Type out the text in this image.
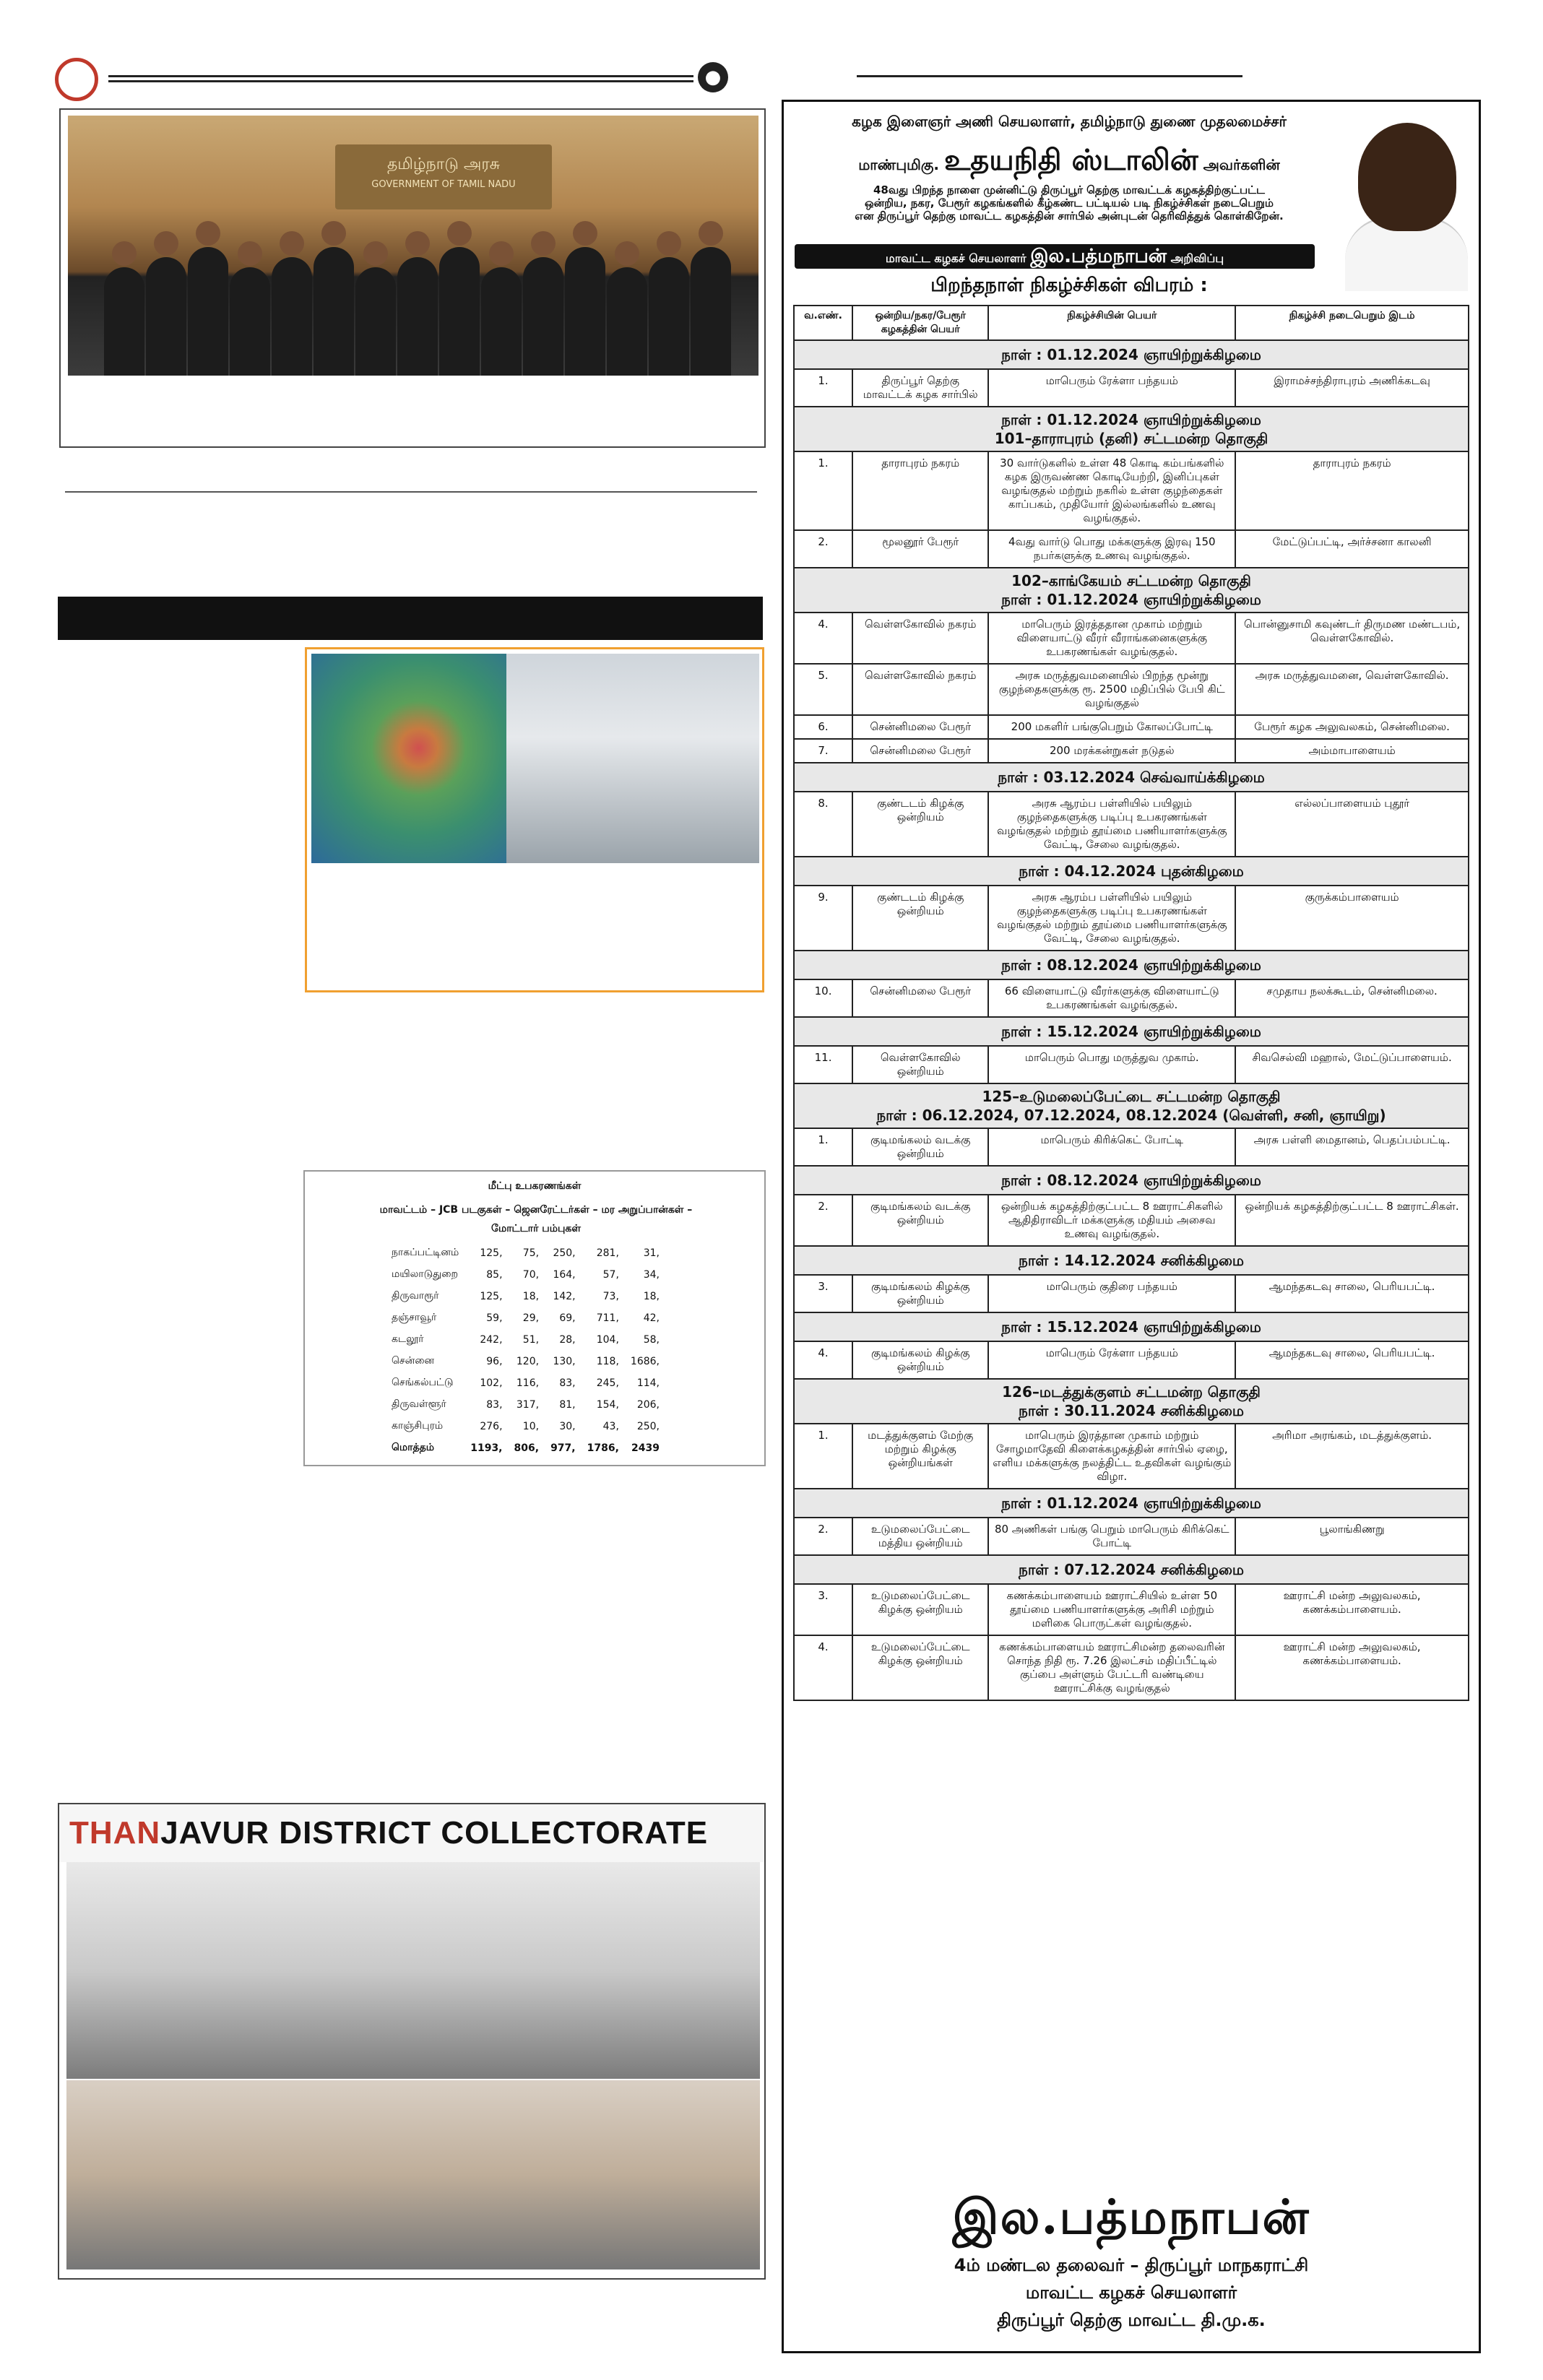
●
தமிழ்நாடு அரசு
GOVERNMENT OF TAMIL NADU
மீட்பு உபகரணங்கள்
மாவட்டம் – JCB படகுகள் – ஜெனரேட்டர்கள் – மர அறுப்பான்கள் –
மோட்டார் பம்புகள்
நாகப்பட்டினம்	125,	75,	250,	281,	31,
மயிலாடுதுறை	85,	70,	164,	57,	34,
திருவாரூர்	125,	18,	142,	73,	18,
தஞ்சாவூர்	59,	29,	69,	711,	42,
கடலூர்	242,	51,	28,	104,	58,
சென்னை	96,	120,	130,	118,	1686,
செங்கல்பட்டு	102,	116,	83,	245,	114,
திருவள்ளூர்	83,	317,	81,	154,	206,
காஞ்சிபுரம்	276,	10,	30,	43,	250,
மொத்தம்	1193,	806,	977,	1786,	2439
THANJAVUR DISTRICT COLLECTORATE
கழக இளைஞர் அணி செயலாளர், தமிழ்நாடு துணை முதலமைச்சர்
மாண்புமிகு. உதயநிதி ஸ்டாலின் அவர்களின்
48வது பிறந்த நாளை முன்னிட்டு திருப்பூர் தெற்கு மாவட்டக் கழகத்திற்குட்பட்ட
ஒன்றிய, நகர, பேரூர் கழகங்களில் கீழ்கண்ட பட்டியல் படி நிகழ்ச்சிகள் நடைபெறும்
என திருப்பூர் தெற்கு மாவட்ட கழகத்தின் சார்பில் அன்புடன் தெரிவித்துக் கொள்கிறேன்.
மாவட்ட கழகச் செயலாளர் இல.பத்மநாபன் அறிவிப்பு
பிறந்தநாள் நிகழ்ச்சிகள் விபரம் :
வ.எண்.	ஒன்றிய/நகர/பேரூர் கழகத்தின் பெயர்	நிகழ்ச்சியின் பெயர்	நிகழ்ச்சி நடைபெறும் இடம்
நாள் : 01.12.2024 ஞாயிற்றுக்கிழமை			
1.	திருப்பூர் தெற்கு மாவட்டக் கழக சார்பில்	மாபெரும் ரேக்ளா பந்தயம்	இராமச்சந்திராபுரம் அணிக்கடவு

நாள் : 01.12.2024 ஞாயிற்றுக்கிழமை
101–தாராபுரம் (தனி) சட்டமன்ற தொகுதி			

1.	தாராபுரம் நகரம்	30 வார்டுகளில் உள்ள 48 கொடி கம்பங்களில் கழக இருவண்ண கொடியேற்றி, இனிப்புகள் வழங்குதல் மற்றும் நகரில் உள்ள குழந்தைகள் காப்பகம், முதியோர் இல்லங்களில் உணவு வழங்குதல்.	தாராபுரம் நகரம்
2.	மூலனூர் பேரூர்	4வது வார்டு பொது மக்களுக்கு இரவு 150 நபர்களுக்கு உணவு வழங்குதல்.	மேட்டுப்பட்டி, அர்ச்சனா காலனி

102–காங்கேயம் சட்டமன்ற தொகுதி
நாள் : 01.12.2024 ஞாயிற்றுக்கிழமை			

4.	வெள்ளகோவில் நகரம்	மாபெரும் இரத்ததான முகாம் மற்றும் விளையாட்டு வீரர் வீராங்கனைகளுக்கு உபகரணங்கள் வழங்குதல்.	பொன்னுசாமி கவுண்டர் திருமண மண்டபம், வெள்ளகோவில்.
5.	வெள்ளகோவில் நகரம்	அரசு மருத்துவமனையில் பிறந்த மூன்று குழந்தைகளுக்கு ரூ. 2500 மதிப்பில் பேபி கிட் வழங்குதல்	அரசு மருத்துவமனை, வெள்ளகோவில்.
6.	சென்னிமலை பேரூர்	200 மகளிர் பங்குபெறும் கோலப்போட்டி	பேரூர் கழக அலுவலகம், சென்னிமலை.
7.	சென்னிமலை பேரூர்	200 மரக்கன்றுகள் நடுதல்	அம்மாபாளையம்
நாள் : 03.12.2024 செவ்வாய்க்கிழமை			
8.	குண்டடம் கிழக்கு ஒன்றியம்	அரசு ஆரம்ப பள்ளியில் பயிலும் குழந்தைகளுக்கு படிப்பு உபகரணங்கள் வழங்குதல் மற்றும் தூய்மை பணியாளர்களுக்கு வேட்டி, சேலை வழங்குதல்.	எல்லப்பாளையம் புதூர்
நாள் : 04.12.2024 புதன்கிழமை			
9.	குண்டடம் கிழக்கு ஒன்றியம்	அரசு ஆரம்ப பள்ளியில் பயிலும் குழந்தைகளுக்கு படிப்பு உபகரணங்கள் வழங்குதல் மற்றும் தூய்மை பணியாளர்களுக்கு வேட்டி, சேலை வழங்குதல்.	குருக்கம்பாளையம்
நாள் : 08.12.2024 ஞாயிற்றுக்கிழமை			
10.	சென்னிமலை பேரூர்	66 விளையாட்டு வீரர்களுக்கு விளையாட்டு உபகரணங்கள் வழங்குதல்.	சமுதாய நலக்கூடம், சென்னிமலை.
நாள் : 15.12.2024 ஞாயிற்றுக்கிழமை			
11.	வெள்ளகோவில் ஒன்றியம்	மாபெரும் பொது மருத்துவ முகாம்.	சிவசெல்வி மஹால், மேட்டுப்பாளையம்.

125–உடுமலைப்பேட்டை சட்டமன்ற தொகுதி
நாள் : 06.12.2024, 07.12.2024, 08.12.2024 (வெள்ளி, சனி, ஞாயிறு)			

1.	குடிமங்கலம் வடக்கு ஒன்றியம்	மாபெரும் கிரிக்கெட் போட்டி	அரசு பள்ளி மைதானம், பெதப்பம்பட்டி.
நாள் : 08.12.2024 ஞாயிற்றுக்கிழமை			
2.	குடிமங்கலம் வடக்கு ஒன்றியம்	ஒன்றியக் கழகத்திற்குட்பட்ட 8 ஊராட்சிகளில் ஆதிதிராவிடர் மக்களுக்கு மதியம் அசைவ உணவு வழங்குதல்.	ஒன்றியக் கழகத்திற்குட்பட்ட 8 ஊராட்சிகள்.
நாள் : 14.12.2024 சனிக்கிழமை			
3.	குடிமங்கலம் கிழக்கு ஒன்றியம்	மாபெரும் குதிரை பந்தயம்	ஆமந்தகடவு சாலை, பெரியபட்டி.
நாள் : 15.12.2024 ஞாயிற்றுக்கிழமை			
4.	குடிமங்கலம் கிழக்கு ஒன்றியம்	மாபெரும் ரேக்ளா பந்தயம்	ஆமந்தகடவு சாலை, பெரியபட்டி.

126–மடத்துக்குளம் சட்டமன்ற தொகுதி
நாள் : 30.11.2024 சனிக்கிழமை			

1.	மடத்துக்குளம் மேற்கு மற்றும் கிழக்கு ஒன்றியங்கள்	மாபெரும் இரத்தான முகாம் மற்றும் சோழமாதேவி கிளைக்கழகத்தின் சார்பில் ஏழை, எளிய மக்களுக்கு நலத்திட்ட உதவிகள் வழங்கும் விழா.	அரிமா அரங்கம், மடத்துக்குளம்.
நாள் : 01.12.2024 ஞாயிற்றுக்கிழமை			
2.	உடுமலைப்பேட்டை மத்திய ஒன்றியம்	80 அணிகள் பங்கு பெறும் மாபெரும் கிரிக்கெட் போட்டி	பூலாங்கிணறு
நாள் : 07.12.2024 சனிக்கிழமை			
3.	உடுமலைப்பேட்டை கிழக்கு ஒன்றியம்	கணக்கம்பாளையம் ஊராட்சியில் உள்ள 50 தூய்மை பணியாளர்களுக்கு அரிசி மற்றும் மளிகை பொருட்கள் வழங்குதல்.	ஊராட்சி மன்ற அலுவலகம், கணக்கம்பாளையம்.
4.	உடுமலைப்பேட்டை கிழக்கு ஒன்றியம்	கணக்கம்பாளையம் ஊராட்சிமன்ற தலைவரின் சொந்த நிதி ரூ. 7.26 இலட்சம் மதிப்பீட்டில் குப்பை அள்ளும் பேட்டரி வண்டியை ஊராட்சிக்கு வழங்குதல்	ஊராட்சி மன்ற அலுவலகம், கணக்கம்பாளையம்.
இல.பத்மநாபன்
4ம் மண்டல தலைவர் – திருப்பூர் மாநகராட்சி
மாவட்ட கழகச் செயலாளர்
திருப்பூர் தெற்கு மாவட்ட தி.மு.க.
